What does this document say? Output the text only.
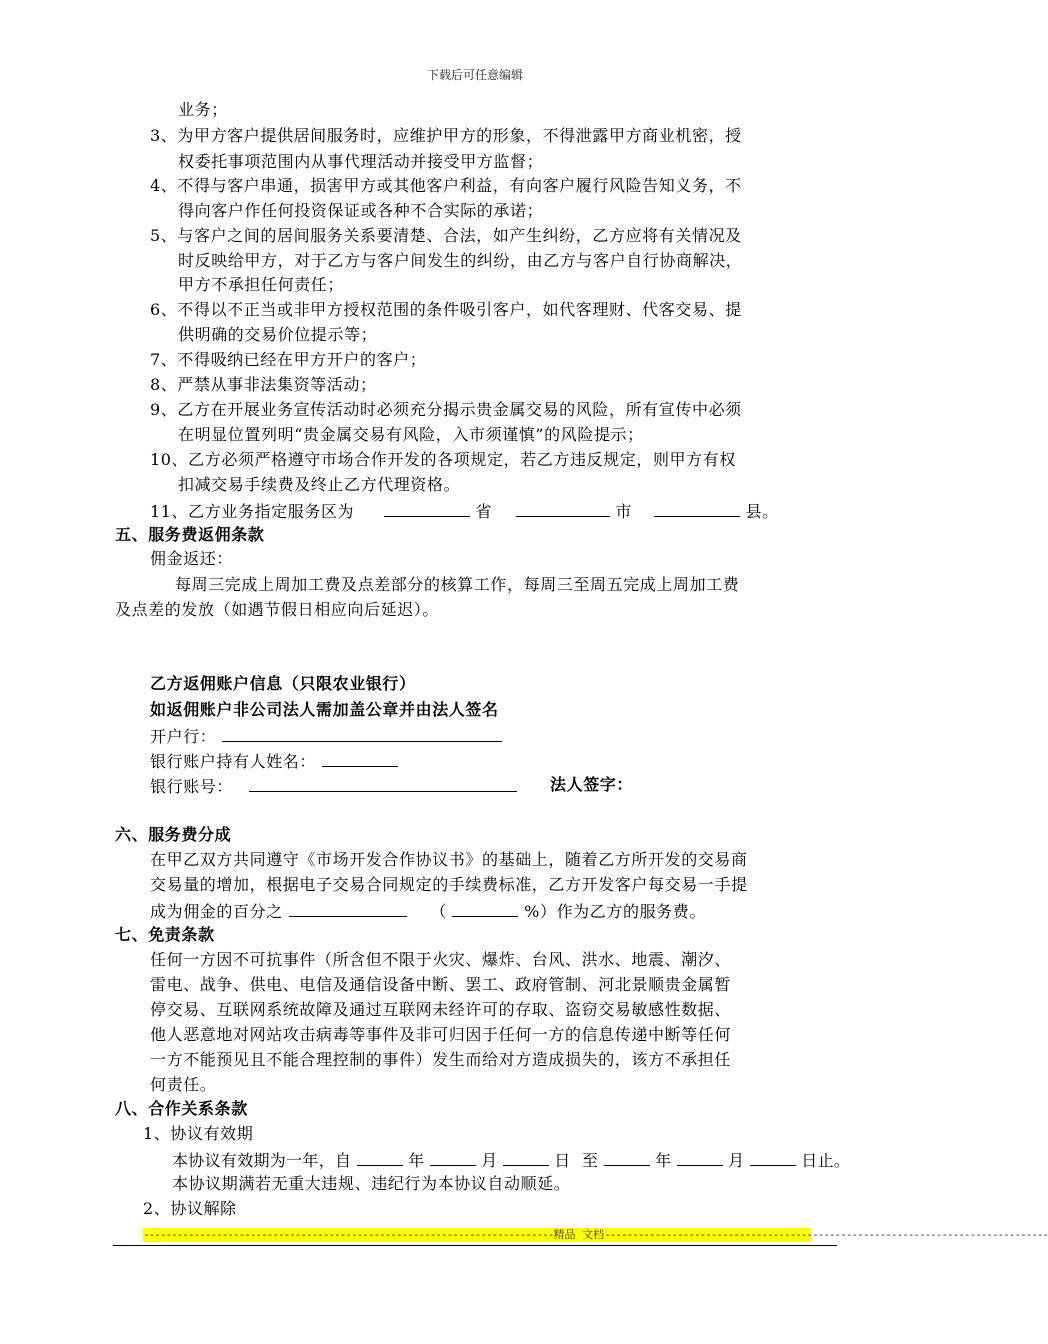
下载后可任意编辑
业务；
3、为甲方客户提供居间服务时，应维护甲方的形象，不得泄露甲方商业机密，授
权委托事项范围内从事代理活动并接受甲方监督；
4、不得与客户串通，损害甲方或其他客户利益，有向客户履行风险告知义务，不
得向客户作任何投资保证或各种不合实际的承诺；
5、与客户之间的居间服务关系要清楚、合法，如产生纠纷，乙方应将有关情况及
时反映给甲方，对于乙方与客户间发生的纠纷，由乙方与客户自行协商解决，
甲方不承担任何责任；
6、不得以不正当或非甲方授权范围的条件吸引客户，如代客理财、代客交易、提
供明确的交易价位提示等；
7、不得吸纳已经在甲方开户的客户；
8、严禁从事非法集资等活动；
9、乙方在开展业务宣传活动时必须充分揭示贵金属交易的风险，所有宣传中必须
在明显位置列明“贵金属交易有风险，入市须谨慎”的风险提示；
10、乙方必须严格遵守市场合作开发的各项规定，若乙方违反规定，则甲方有权
扣减交易手续费及终止乙方代理资格。
11、乙方业务指定服务区为	省	市	县。
五、服务费返佣条款
佣金返还：
每周三完成上周加工费及点差部分的核算工作，每周三至周五完成上周加工费
及点差的发放（如遇节假日相应向后延迟）。
乙方返佣账户信息（只限农业银行）
如返佣账户非公司法人需加盖公章并由法人签名
开户行：
银行账户持有人姓名：
银行账号：	法人签字：
六、服务费分成
在甲乙双方共同遵守《市场开发合作协议书》的基础上，随着乙方所开发的交易商
交易量的增加，根据电子交易合同规定的手续费标准，乙方开发客户每交易一手提
成为佣金的百分之	（	%）作为乙方的服务费。
七、免责条款
任何一方因不可抗事件（所含但不限于火灾、爆炸、台风、洪水、地震、潮汐、
雷电、战争、供电、电信及通信设备中断、罢工、政府管制、河北景顺贵金属暂
停交易、互联网系统故障及通过互联网未经许可的存取、盗窃交易敏感性数据、
他人恶意地对网站攻击病毒等事件及非可归因于任何一方的信息传递中断等任何
一方不能预见且不能合理控制的事件）发生而给对方造成损失的，该方不承担任
何责任。
八、合作关系条款
1、协议有效期
本协议有效期为一年，自	年	月	日 至	年	月	日止。
本协议期满若无重大违规、违纪行为本协议自动顺延。
2、协议解除
-------------------------------------------------------------------------精品 文档-------------------------------------------------------------------------------
